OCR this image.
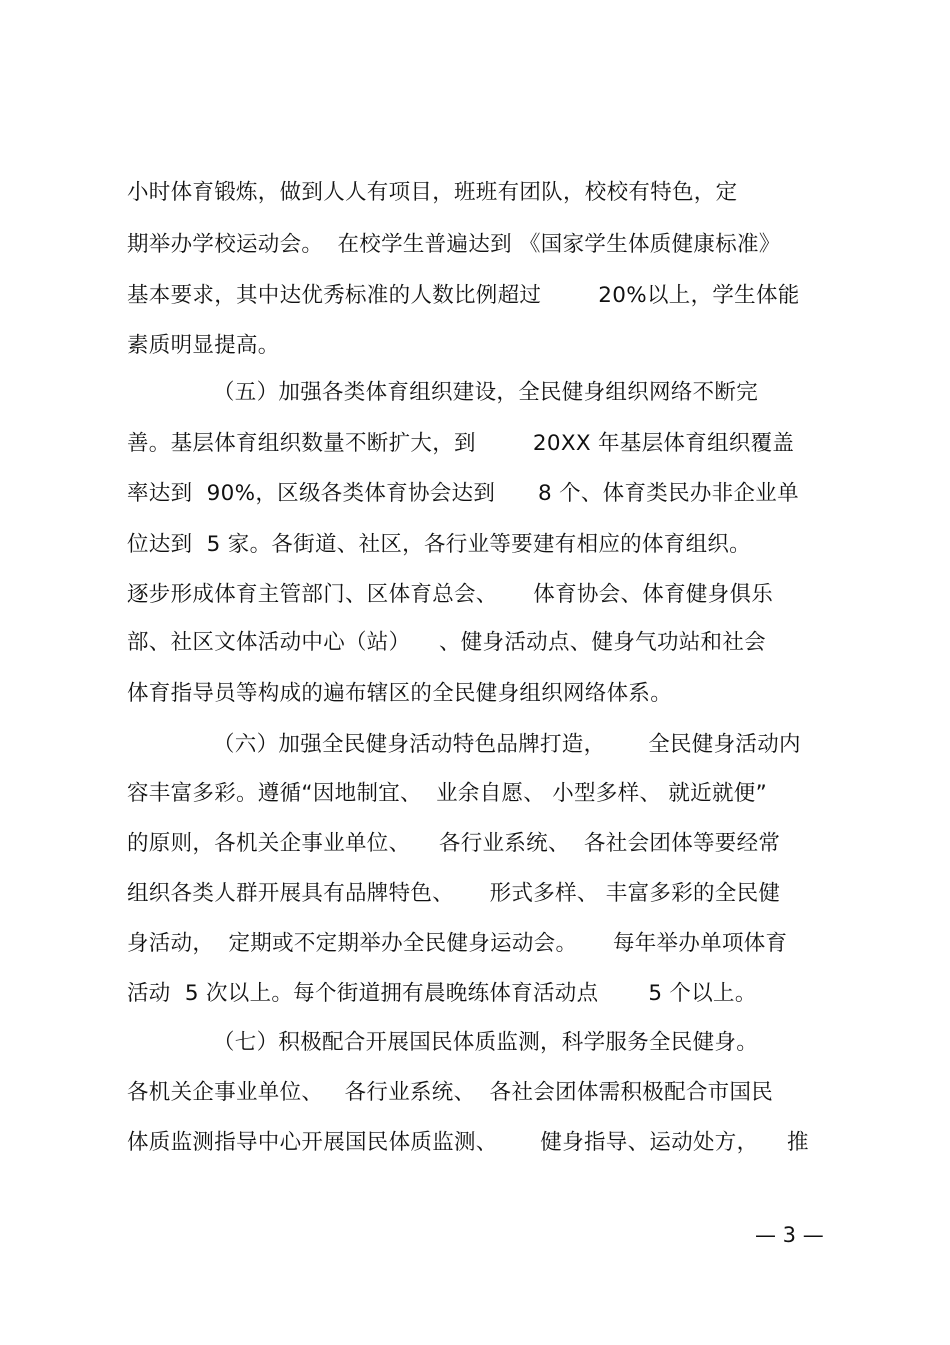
小时体育锻炼，做到人人有项目，班班有团队，校校有特色，定
期举办学校运动会。  在校学生普遍达到 《国家学生体质健康标准》
基本要求，其中达优秀标准的人数比例超过        20%以上，学生体能
素质明显提高。
（五）加强各类体育组织建设，全民健身组织网络不断完
善。基层体育组织数量不断扩大，到        20XX 年基层体育组织覆盖
率达到  90%，区级各类体育协会达到      8 个、体育类民办非企业单
位达到  5 家。各街道、社区，各行业等要建有相应的体育组织。
逐步形成体育主管部门、区体育总会、     体育协会、体育健身俱乐
部、社区文体活动中心（站）    、健身活动点、健身气功站和社会
体育指导员等构成的遍布辖区的全民健身组织网络体系。
（六）加强全民健身活动特色品牌打造，      全民健身活动内
容丰富多彩。遵循“因地制宜、  业余自愿、 小型多样、 就近就便”
的原则，各机关企事业单位、    各行业系统、  各社会团体等要经常
组织各类人群开展具有品牌特色、     形式多样、 丰富多彩的全民健
身活动，  定期或不定期举办全民健身运动会。     每年举办单项体育
活动  5 次以上。每个街道拥有晨晚练体育活动点       5 个以上。
（七）积极配合开展国民体质监测，科学服务全民健身。
各机关企事业单位、   各行业系统、  各社会团体需积极配合市国民
体质监测指导中心开展国民体质监测、      健身指导、运动处方，    推
— 3 —
